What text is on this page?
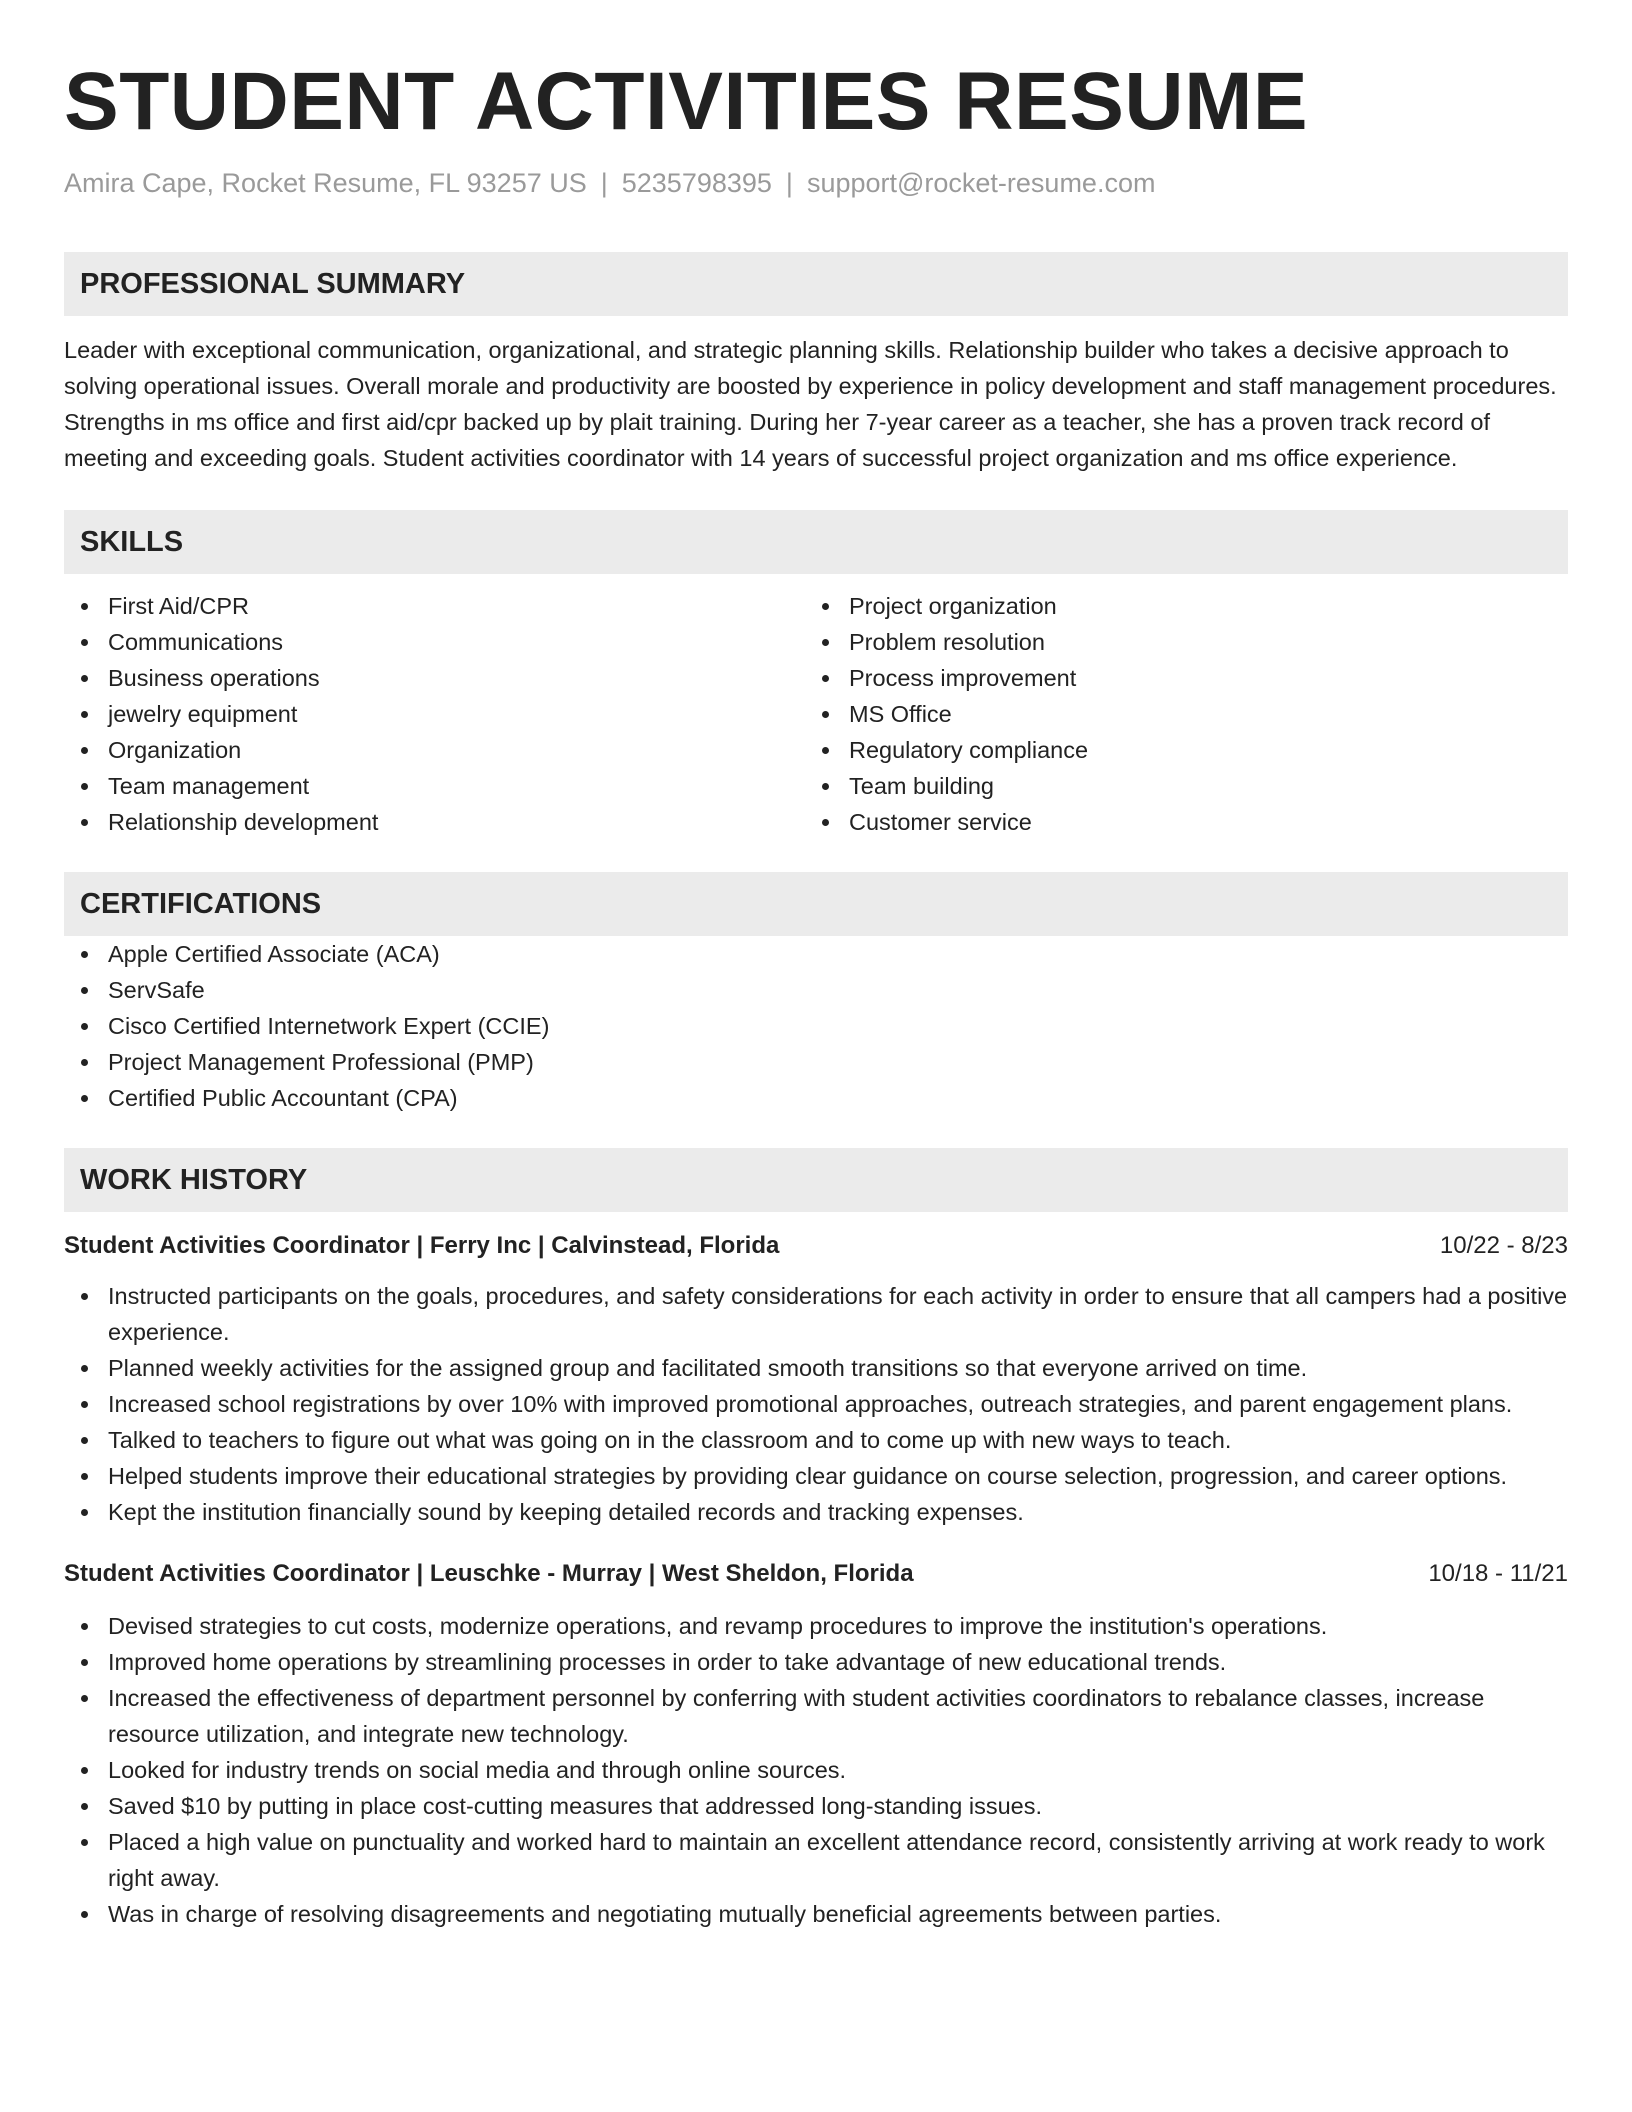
STUDENT ACTIVITIES RESUME
Amira Cape, Rocket Resume, FL 93257 US | 5235798395 | support@rocket-resume.com
PROFESSIONAL SUMMARY
Leader with exceptional communication, organizational, and strategic planning skills. Relationship builder who takes a decisive approach to solving operational issues. Overall morale and productivity are boosted by experience in policy development and staff management procedures. Strengths in ms office and first aid/cpr backed up by plait training. During her 7-year career as a teacher, she has a proven track record of meeting and exceeding goals. Student activities coordinator with 14 years of successful project organization and ms office experience.
SKILLS
First Aid/CPR
Communications
Business operations
jewelry equipment
Organization
Team management
Relationship development
Project organization
Problem resolution
Process improvement
MS Office
Regulatory compliance
Team building
Customer service
CERTIFICATIONS
Apple Certified Associate (ACA)
ServSafe
Cisco Certified Internetwork Expert (CCIE)
Project Management Professional (PMP)
Certified Public Accountant (CPA)
WORK HISTORY
Student Activities Coordinator | Ferry Inc | Calvinstead, Florida	10/22 - 8/23
Instructed participants on the goals, procedures, and safety considerations for each activity in order to ensure that all campers had a positive experience.
Planned weekly activities for the assigned group and facilitated smooth transitions so that everyone arrived on time.
Increased school registrations by over 10% with improved promotional approaches, outreach strategies, and parent engagement plans.
Talked to teachers to figure out what was going on in the classroom and to come up with new ways to teach.
Helped students improve their educational strategies by providing clear guidance on course selection, progression, and career options.
Kept the institution financially sound by keeping detailed records and tracking expenses.
Student Activities Coordinator | Leuschke - Murray | West Sheldon, Florida	10/18 - 11/21
Devised strategies to cut costs, modernize operations, and revamp procedures to improve the institution's operations.
Improved home operations by streamlining processes in order to take advantage of new educational trends.
Increased the effectiveness of department personnel by conferring with student activities coordinators to rebalance classes, increase resource utilization, and integrate new technology.
Looked for industry trends on social media and through online sources.
Saved $10 by putting in place cost-cutting measures that addressed long-standing issues.
Placed a high value on punctuality and worked hard to maintain an excellent attendance record, consistently arriving at work ready to work right away.
Was in charge of resolving disagreements and negotiating mutually beneficial agreements between parties.
